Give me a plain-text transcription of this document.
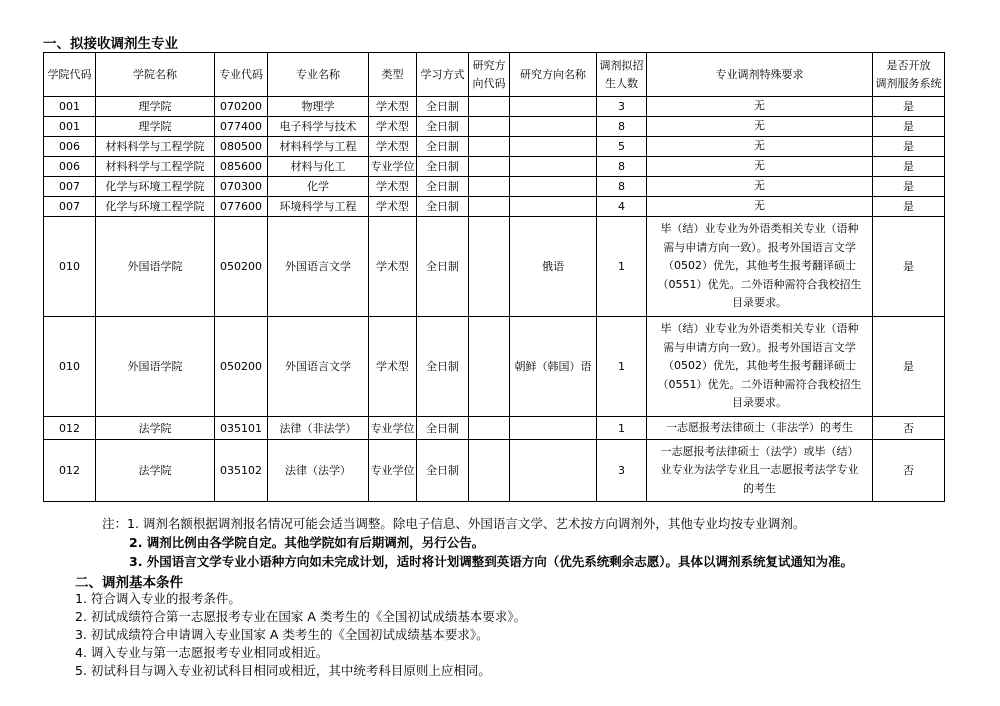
一、拟接收调剂生专业
学院代码	学院名称	专业代码	专业名称	类型	学习方式	研究方
向代码	研究方向名称	调剂拟招
生人数	专业调剂特殊要求	是否开放
调剂服务系统
001	理学院	070200	物理学	学术型	全日制			3	无	是
001	理学院	077400	电子科学与技术	学术型	全日制			8	无	是
006	材料科学与工程学院	080500	材料科学与工程	学术型	全日制			5	无	是
006	材料科学与工程学院	085600	材料与化工	专业学位	全日制			8	无	是
007	化学与环境工程学院	070300	化学	学术型	全日制			8	无	是
007	化学与环境工程学院	077600	环境科学与工程	学术型	全日制			4	无	是
010	外国语学院	050200	外国语言文学	学术型	全日制		俄语	1	毕（结）业专业为外语类相关专业（语种
需与申请方向一致）。报考外国语言文学
（0502）优先，其他考生报考翻译硕士
（0551）优先。二外语种需符合我校招生
目录要求。	是
010	外国语学院	050200	外国语言文学	学术型	全日制		朝鲜（韩国）语	1	毕（结）业专业为外语类相关专业（语种
需与申请方向一致）。报考外国语言文学
（0502）优先，其他考生报考翻译硕士
（0551）优先。二外语种需符合我校招生
目录要求。	是
012	法学院	035101	法律（非法学）	专业学位	全日制			1	一志愿报考法律硕士（非法学）的考生	否
012	法学院	035102	法律（法学）	专业学位	全日制			3	一志愿报考法律硕士（法学）或毕（结）
业专业为法学专业且一志愿报考法学专业
的考生	否
注：1. 调剂名额根据调剂报名情况可能会适当调整。除电子信息、外国语言文学、艺术按方向调剂外，其他专业均按专业调剂。
2. 调剂比例由各学院自定。其他学院如有后期调剂，另行公告。
3. 外国语言文学专业小语种方向如未完成计划，适时将计划调整到英语方向（优先系统剩余志愿）。具体以调剂系统复试通知为准。
二、调剂基本条件
1. 符合调入专业的报考条件。
2. 初试成绩符合第一志愿报考专业在国家 A 类考生的《全国初试成绩基本要求》。
3. 初试成绩符合申请调入专业国家 A 类考生的《全国初试成绩基本要求》。
4. 调入专业与第一志愿报考专业相同或相近。
5. 初试科目与调入专业初试科目相同或相近，其中统考科目原则上应相同。
